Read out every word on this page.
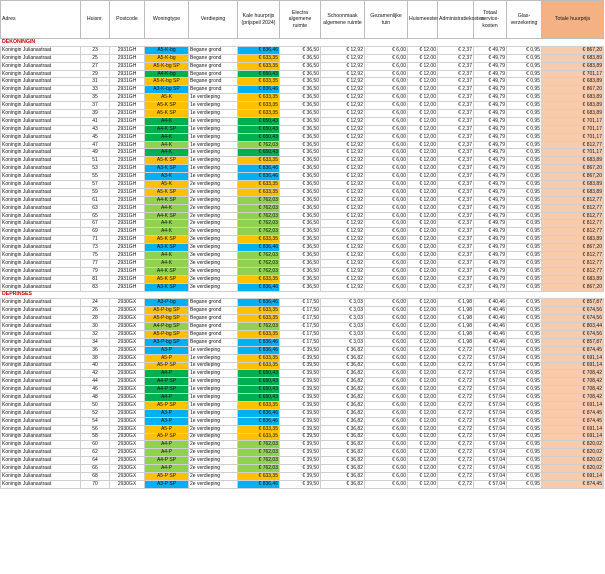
Adres	Huisnr.	Postcode	Woningtype	Verdieping	Kale huurprijs (prijspeil 2024)	Electra algemene ruimte	Schoonmaak algemene ruimte	Gezamenlijke tuin	Huismeester	Administratiekosten	Totaal service-kosten	Glas-verzekering	Totale huurprijs
DEKONINGIN													
Koningin Julianastraat	23	2931GH	A5-K-bg	Begane grond	€ 836,46	€ 36,50	€ 12,92	€ 6,00	€ 12,00	€ 2,37	€ 49,79	€ 0,95	€ 867,20
Koningin Julianastraat	25	2931GH	A5-K-bg	Begane grond	€ 633,35	€ 36,50	€ 12,92	€ 6,00	€ 12,00	€ 2,37	€ 49,79	€ 0,95	€ 683,89
Koningin Julianastraat	27	2931GH	A5-K-bg SP	Begane grond	€ 633,35	€ 36,50	€ 12,92	€ 6,00	€ 12,00	€ 2,37	€ 49,79	€ 0,95	€ 683,89
Koningin Julianastraat	29	2931GH	A4-K-bg	Begane grond	€ 650,43	€ 36,50	€ 12,92	€ 6,00	€ 12,00	€ 2,37	€ 49,79	€ 0,95	€ 701,17
Koningin Julianastraat	31	2931GH	A5-K-bg SP	Begane grond	€ 633,35	€ 36,50	€ 12,92	€ 6,00	€ 12,00	€ 2,37	€ 49,79	€ 0,95	€ 683,89
Koningin Julianastraat	33	2931GH	A3-K-bg SP	Begane grond	€ 836,46	€ 36,50	€ 12,92	€ 6,00	€ 12,00	€ 2,37	€ 49,79	€ 0,95	€ 867,20
Koningin Julianastraat	35	2931GH	A5-K	1e verdieping	€ 633,35	€ 36,50	€ 12,92	€ 6,00	€ 12,00	€ 2,37	€ 49,79	€ 0,95	€ 683,89
Koningin Julianastraat	37	2931GH	A5-K SP	1e verdieping	€ 633,35	€ 36,50	€ 12,92	€ 6,00	€ 12,00	€ 2,37	€ 49,79	€ 0,95	€ 683,89
Koningin Julianastraat	39	2931GH	A5-K SP	1e verdieping	€ 633,35	€ 36,50	€ 12,92	€ 6,00	€ 12,00	€ 2,37	€ 49,79	€ 0,95	€ 683,89
Koningin Julianastraat	41	2931GH	A4-K	1e verdieping	€ 650,43	€ 36,50	€ 12,92	€ 6,00	€ 12,00	€ 2,37	€ 49,79	€ 0,95	€ 701,17
Koningin Julianastraat	43	2931GH	A4-K SP	1e verdieping	€ 650,43	€ 36,50	€ 12,92	€ 6,00	€ 12,00	€ 2,37	€ 49,79	€ 0,95	€ 701,17
Koningin Julianastraat	45	2931GH	A4-K	1e verdieping	€ 650,43	€ 36,50	€ 12,92	€ 6,00	€ 12,00	€ 2,37	€ 49,79	€ 0,95	€ 701,17
Koningin Julianastraat	47	2931GH	A4-K	1e verdieping	€ 762,03	€ 36,50	€ 12,92	€ 6,00	€ 12,00	€ 2,37	€ 49,79	€ 0,95	€ 812,77
Koningin Julianastraat	49	2931GH	A4-K	1e verdieping	€ 650,43	€ 36,50	€ 12,92	€ 6,00	€ 12,00	€ 2,37	€ 49,79	€ 0,95	€ 701,17
Koningin Julianastraat	51	2931GH	A5-K SP	1e verdieping	€ 633,35	€ 36,50	€ 12,92	€ 6,00	€ 12,00	€ 2,37	€ 49,79	€ 0,95	€ 683,89
Koningin Julianastraat	53	2931GH	A3-K SP	1e verdieping	€ 836,46	€ 36,50	€ 12,92	€ 6,00	€ 12,00	€ 2,37	€ 49,79	€ 0,95	€ 867,20
Koningin Julianastraat	55	2931GH	A3-K	1e verdieping	€ 836,46	€ 36,50	€ 12,92	€ 6,00	€ 12,00	€ 2,37	€ 49,79	€ 0,95	€ 867,20
Koningin Julianastraat	57	2931GH	A5-K	2e verdieping	€ 633,35	€ 36,50	€ 12,92	€ 6,00	€ 12,00	€ 2,37	€ 49,79	€ 0,95	€ 683,89
Koningin Julianastraat	59	2931GH	A5-K SP	2e verdieping	€ 633,35	€ 36,50	€ 12,92	€ 6,00	€ 12,00	€ 2,37	€ 49,79	€ 0,95	€ 683,89
Koningin Julianastraat	61	2931GH	A4-K SP	2e verdieping	€ 762,03	€ 36,50	€ 12,92	€ 6,00	€ 12,00	€ 2,37	€ 49,79	€ 0,95	€ 812,77
Koningin Julianastraat	63	2931GH	A4-K	2e verdieping	€ 762,03	€ 36,50	€ 12,92	€ 6,00	€ 12,00	€ 2,37	€ 49,79	€ 0,95	€ 812,77
Koningin Julianastraat	65	2931GH	A4-K SP	2e verdieping	€ 762,03	€ 36,50	€ 12,92	€ 6,00	€ 12,00	€ 2,37	€ 49,79	€ 0,95	€ 812,77
Koningin Julianastraat	67	2931GH	A4-K	2e verdieping	€ 762,03	€ 36,50	€ 12,92	€ 6,00	€ 12,00	€ 2,37	€ 49,79	€ 0,95	€ 812,77
Koningin Julianastraat	69	2931GH	A4-K	2e verdieping	€ 762,03	€ 36,50	€ 12,92	€ 6,00	€ 12,00	€ 2,37	€ 49,79	€ 0,95	€ 812,77
Koningin Julianastraat	71	2931GH	A5-K SP	3e verdieping	€ 633,35	€ 36,50	€ 12,92	€ 6,00	€ 12,00	€ 2,37	€ 49,79	€ 0,95	€ 683,89
Koningin Julianastraat	73	2931GH	A3-K SP	3e verdieping	€ 836,46	€ 36,50	€ 12,92	€ 6,00	€ 12,00	€ 2,37	€ 49,79	€ 0,95	€ 867,20
Koningin Julianastraat	75	2931GH	A4-K	3e verdieping	€ 762,03	€ 36,50	€ 12,92	€ 6,00	€ 12,00	€ 2,37	€ 49,79	€ 0,95	€ 812,77
Koningin Julianastraat	77	2931GH	A4-K	3e verdieping	€ 762,03	€ 36,50	€ 12,92	€ 6,00	€ 12,00	€ 2,37	€ 49,79	€ 0,95	€ 812,77
Koningin Julianastraat	79	2931GH	A4-K SP	3e verdieping	€ 762,03	€ 36,50	€ 12,92	€ 6,00	€ 12,00	€ 2,37	€ 49,79	€ 0,95	€ 812,77
Koningin Julianastraat	81	2931GH	A5-K SP	3e verdieping	€ 633,35	€ 36,50	€ 12,92	€ 6,00	€ 12,00	€ 2,37	€ 49,79	€ 0,95	€ 683,89
Koningin Julianastraat	83	2931GH	A3-K SP	3e verdieping	€ 836,46	€ 36,50	€ 12,92	€ 6,00	€ 12,00	€ 2,37	€ 49,79	€ 0,95	€ 867,20
DEPRINSES													
Koningin Julianastraat	24	2930GX	A3-P-bg	Begane grond	€ 836,46	€ 17,50	€ 3,03	€ 6,00	€ 12,00	€ 1,98	€ 40,46	€ 0,95	€ 857,87
Koningin Julianastraat	26	2930GX	A5-P-bg SP	Begane grond	€ 633,35	€ 17,50	€ 3,03	€ 6,00	€ 12,00	€ 1,98	€ 40,46	€ 0,95	€ 674,56
Koningin Julianastraat	28	2930GX	A5-P-bg SP	Begane grond	€ 633,35	€ 17,50	€ 3,03	€ 6,00	€ 12,00	€ 1,98	€ 40,46	€ 0,95	€ 674,56
Koningin Julianastraat	30	2930GX	A4-P-bg SP	Begane grond	€ 762,03	€ 17,50	€ 3,03	€ 6,00	€ 12,00	€ 1,98	€ 40,46	€ 0,95	€ 803,44
Koningin Julianastraat	32	2930GX	A5-P-bg SP	Begane grond	€ 633,35	€ 17,50	€ 3,03	€ 6,00	€ 12,00	€ 1,98	€ 40,46	€ 0,95	€ 674,56
Koningin Julianastraat	34	2930GX	A3-P-bg SP	Begane grond	€ 836,46	€ 17,50	€ 3,03	€ 6,00	€ 12,00	€ 1,98	€ 40,46	€ 0,95	€ 857,87
Koningin Julianastraat	36	2930GX	A3-P	1e verdieping	€ 836,46	€ 39,50	€ 36,82	€ 6,00	€ 12,00	€ 2,72	€ 57,04	€ 0,95	€ 874,45
Koningin Julianastraat	38	2930GX	A5-P	1e verdieping	€ 633,35	€ 39,50	€ 36,82	€ 6,00	€ 12,00	€ 2,72	€ 57,04	€ 0,95	€ 691,14
Koningin Julianastraat	40	2930GX	A5-P SP	1e verdieping	€ 633,35	€ 39,50	€ 36,82	€ 6,00	€ 12,00	€ 2,72	€ 57,04	€ 0,95	€ 691,14
Koningin Julianastraat	42	2930GX	A4-P	1e verdieping	€ 650,43	€ 39,50	€ 36,82	€ 6,00	€ 12,00	€ 2,72	€ 57,04	€ 0,95	€ 708,42
Koningin Julianastraat	44	2930GX	A4-P SP	1e verdieping	€ 650,43	€ 39,50	€ 36,82	€ 6,00	€ 12,00	€ 2,72	€ 57,04	€ 0,95	€ 708,42
Koningin Julianastraat	46	2930GX	A4-P SP	1e verdieping	€ 650,43	€ 39,50	€ 36,82	€ 6,00	€ 12,00	€ 2,72	€ 57,04	€ 0,95	€ 708,42
Koningin Julianastraat	48	2930GX	A4-P	1e verdieping	€ 650,43	€ 39,50	€ 36,82	€ 6,00	€ 12,00	€ 2,72	€ 57,04	€ 0,95	€ 708,42
Koningin Julianastraat	50	2930GX	A5-P SP	1e verdieping	€ 633,35	€ 39,50	€ 36,82	€ 6,00	€ 12,00	€ 2,72	€ 57,04	€ 0,95	€ 691,14
Koningin Julianastraat	52	2930GX	A3-P	1e verdieping	€ 836,46	€ 39,50	€ 36,82	€ 6,00	€ 12,00	€ 2,72	€ 57,04	€ 0,95	€ 874,45
Koningin Julianastraat	54	2930GX	A3-P	1e verdieping	€ 836,46	€ 39,50	€ 36,82	€ 6,00	€ 12,00	€ 2,72	€ 57,04	€ 0,95	€ 874,45
Koningin Julianastraat	56	2930GX	A5-P	2e verdieping	€ 633,35	€ 39,50	€ 36,82	€ 6,00	€ 12,00	€ 2,72	€ 57,04	€ 0,95	€ 691,14
Koningin Julianastraat	58	2930GX	A5-P SP	2e verdieping	€ 633,35	€ 39,50	€ 36,82	€ 6,00	€ 12,00	€ 2,72	€ 57,04	€ 0,95	€ 691,14
Koningin Julianastraat	60	2930GX	A4-P	2e verdieping	€ 762,03	€ 39,50	€ 36,82	€ 6,00	€ 12,00	€ 2,72	€ 57,04	€ 0,95	€ 820,02
Koningin Julianastraat	62	2930GX	A4-P	2e verdieping	€ 762,03	€ 39,50	€ 36,82	€ 6,00	€ 12,00	€ 2,72	€ 57,04	€ 0,95	€ 820,02
Koningin Julianastraat	64	2930GX	A4-P SP	2e verdieping	€ 762,03	€ 39,50	€ 36,82	€ 6,00	€ 12,00	€ 2,72	€ 57,04	€ 0,95	€ 820,02
Koningin Julianastraat	66	2930GX	A4-P	2e verdieping	€ 762,03	€ 39,50	€ 36,82	€ 6,00	€ 12,00	€ 2,72	€ 57,04	€ 0,95	€ 820,02
Koningin Julianastraat	68	2930GX	A5-P SP	2e verdieping	€ 633,35	€ 39,50	€ 36,82	€ 6,00	€ 12,00	€ 2,72	€ 57,04	€ 0,95	€ 691,14
Koningin Julianastraat	70	2930GX	A3-P SP	2e verdieping	€ 836,46	€ 39,50	€ 36,82	€ 6,00	€ 12,00	€ 2,72	€ 57,04	€ 0,95	€ 874,45
